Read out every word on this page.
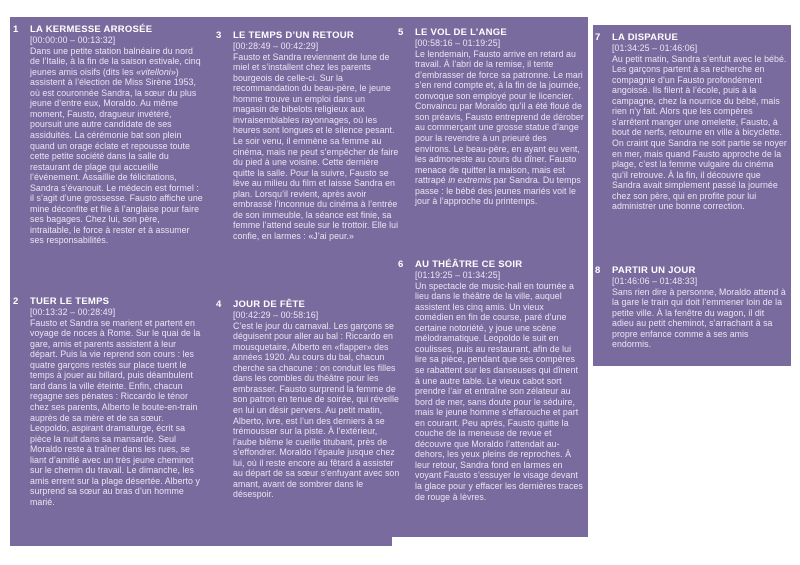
1	LA KERMESSE ARROSÉE
[00:00:00 – 00:13:32]

Dans une petite station balnéaire du nord de l’Italie, à la fin de la saison estivale, cinq jeunes amis oisifs (dits les «vitelloni») assistent à l’élection de Miss Sirène 1953, où est couronnée Sandra, la sœur du plus jeune d’entre eux, Moraldo. Au même moment, Fausto, dragueur invétéré, poursuit une autre candidate de ses assiduités. La cérémonie bat son plein quand un orage éclate et repousse toute cette petite société dans la salle du restaurant de plage qui accueille l’événement. Assaillie de félicitations, Sandra s’évanouit. Le médecin est formel : il s’agit d’une grossesse. Fausto affiche une mine déconfite et file à l’anglaise pour faire ses bagages. Chez lui, son père, intraitable, le force à rester et à assumer ses responsabilités.

2	TUER LE TEMPS
[00:13:32 – 00:28:49]

Fausto et Sandra se marient et partent en voyage de noces à Rome. Sur le quai de la gare, amis et parents assistent à leur départ. Puis la vie reprend son cours : les quatre garçons restés sur place tuent le temps à jouer au billard, puis déambulent tard dans la ville éteinte. Enfin, chacun regagne ses pénates : Riccardo le ténor chez ses parents, Alberto le boute-en-train auprès de sa mère et de sa sœur. Leopoldo, aspirant dramaturge, écrit sa pièce la nuit dans sa mansarde. Seul Moraldo reste à traîner dans les rues, se liant d’amitié avec un très jeune cheminot sur le chemin du travail. Le dimanche, les amis errent sur la plage désertée. Alberto y surprend sa sœur au bras d’un homme marié.

3	LE TEMPS D’UN RETOUR
[00:28:49 – 00:42:29]

Fausto et Sandra reviennent de lune de miel et s’installent chez les parents bourgeois de celle-ci. Sur la recommandation du beau-père, le jeune homme trouve un emploi dans un magasin de bibelots religieux aux invraisemblables rayonnages, où les heures sont longues et le silence pesant. Le soir venu, il emmène sa femme au cinéma, mais ne peut s’empêcher de faire du pied à une voisine. Cette dernière quitte la salle. Pour la suivre, Fausto se lève au milieu du film et laisse Sandra en plan. Lorsqu’il revient, après avoir embrassé l’inconnue du cinéma à l’entrée de son immeuble, la séance est finie, sa femme l’attend seule sur le trottoir. Elle lui confie, en larmes : «J’ai peur.»

4	JOUR DE FÊTE
[00:42:29 – 00:58:16]

C’est le jour du carnaval. Les garçons se déguisent pour aller au bal : Riccardo en mousquetaire, Alberto en «flapper» des années 1920. Au cours du bal, chacun cherche sa chacune : on conduit les filles dans les combles du théâtre pour les embrasser. Fausto surprend la femme de son patron en tenue de soirée, qui réveille en lui un désir pervers. Au petit matin, Alberto, ivre, est l’un des derniers à se trémousser sur la piste. À l’extérieur, l’aube blême le cueille titubant, près de s’effondrer. Moraldo l’épaule jusque chez lui, où il reste encore au fêtard à assister au départ de sa sœur s’enfuyant avec son amant, avant de sombrer dans le désespoir.

5	LE VOL DE L’ANGE
[00:58:16 – 01:19:25]

Le lendemain, Fausto arrive en retard au travail. À l’abri de la remise, il tente d’embrasser de force sa patronne. Le mari s’en rend compte et, à la fin de la journée, convoque son employé pour le licencier. Convaincu par Moraldo qu’il a été floué de son préavis, Fausto entreprend de dérober au commerçant une grosse statue d’ange pour la revendre à un prieuré des environs. Le beau-père, en ayant eu vent, les admoneste au cours du dîner. Fausto menace de quitter la maison, mais est rattrapé in extremis par Sandra. Du temps passe : le bébé des jeunes mariés voit le jour à l’approche du printemps.

6	AU THÉÂTRE CE SOIR
[01:19:25 – 01:34:25]

Un spectacle de music-hall en tournée a lieu dans le théâtre de la ville, auquel assistent les cinq amis. Un vieux comédien en fin de course, paré d’une certaine notoriété, y joue une scène mélodramatique. Leopoldo le suit en coulisses, puis au restaurant, afin de lui lire sa pièce, pendant que ses compères se rabattent sur les danseuses qui dînent à une autre table. Le vieux cabot sort prendre l’air et entraîne son zélateur au bord de mer, sans doute pour le séduire, mais le jeune homme s’effarouche et part en courant. Peu après, Fausto quitte la couche de la meneuse de revue et découvre que Moraldo l’attendait au-dehors, les yeux pleins de reproches. À leur retour, Sandra fond en larmes en voyant Fausto s’essuyer le visage devant la glace pour y effacer les dernières traces de rouge à lèvres.

7	LA DISPARUE
[01:34:25 – 01:46:06]

Au petit matin, Sandra s’enfuit avec le bébé. Les garçons partent à sa recherche en compagnie d’un Fausto profondément angoissé. Ils filent à l’école, puis à la campagne, chez la nourrice du bébé, mais rien n’y fait. Alors que les compères s’arrêtent manger une omelette, Fausto, à bout de nerfs, retourne en ville à bicyclette. On craint que Sandra ne soit partie se noyer en mer, mais quand Fausto approche de la plage, c’est la femme vulgaire du cinéma qu’il retrouve. À la fin, il découvre que Sandra avait simplement passé la journée chez son père, qui en profite pour lui administrer une bonne correction.

8	PARTIR UN JOUR
[01:46:06 – 01:48:33]

Sans rien dire à personne, Moraldo attend à la gare le train qui doit l’emmener loin de la petite ville. À la fenêtre du wagon, il dit adieu au petit cheminot, s’arrachant à sa propre enfance comme à ses amis endormis.
